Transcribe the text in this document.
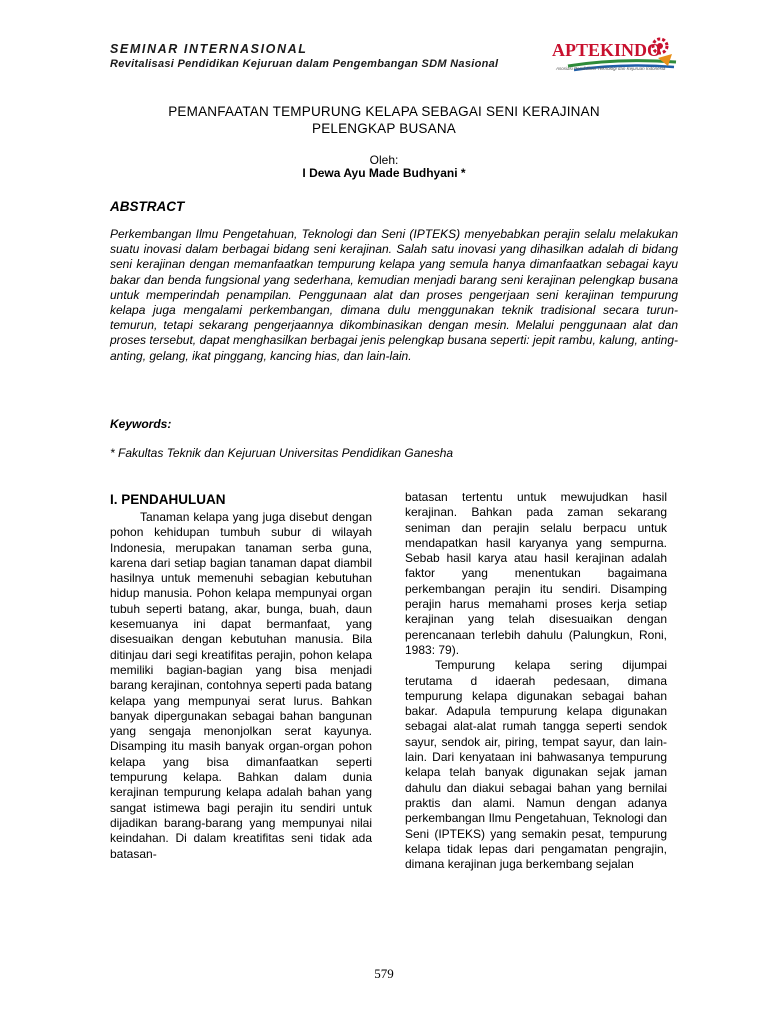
SEMINAR INTERNASIONAL
Revitalisasi Pendidikan Kejuruan dalam Pengembangan SDM Nasional
APTEKINDO
Asosiasi Pendidikan Teknologi dan Kejuruan Indonesia
PEMANFAATAN TEMPURUNG KELAPA SEBAGAI SENI KERAJINAN
PELENGKAP BUSANA
Oleh:
I Dewa Ayu Made Budhyani *
ABSTRACT
Perkembangan Ilmu Pengetahuan, Teknologi dan Seni (IPTEKS) menyebabkan perajin selalu melakukan suatu inovasi dalam berbagai bidang seni kerajinan. Salah satu inovasi yang dihasilkan adalah di bidang seni kerajinan dengan memanfaatkan tempurung kelapa yang semula hanya dimanfaatkan sebagai kayu bakar dan benda fungsional yang sederhana, kemudian menjadi barang seni kerajinan pelengkap busana untuk memperindah penampilan. Penggunaan alat dan proses pengerjaan seni kerajinan tempurung kelapa juga mengalami perkembangan, dimana dulu menggunakan teknik tradisional secara turun-temurun, tetapi sekarang pengerjaannya dikombinasikan dengan mesin. Melalui penggunaan alat dan proses tersebut, dapat menghasilkan berbagai jenis pelengkap busana seperti: jepit rambu, kalung, anting-anting, gelang, ikat pinggang, kancing hias, dan lain-lain.
Keywords:
* Fakultas Teknik dan Kejuruan Universitas Pendidikan Ganesha
I. PENDAHULUAN

Tanaman kelapa yang juga disebut dengan pohon kehidupan tumbuh subur di wilayah Indonesia, merupakan tanaman serba guna, karena dari setiap bagian tanaman dapat diambil hasilnya untuk memenuhi sebagian kebutuhan hidup manusia. Pohon kelapa mempunyai organ tubuh seperti batang, akar, bunga, buah, daun kesemuanya ini dapat bermanfaat, yang disesuaikan dengan kebutuhan manusia. Bila ditinjau dari segi kreatifitas perajin, pohon kelapa memiliki bagian-bagian yang bisa menjadi barang kerajinan, contohnya seperti pada batang kelapa yang mempunyai serat lurus. Bahkan banyak dipergunakan sebagai bahan bangunan yang sengaja menonjolkan serat kayunya. Disamping itu masih banyak organ-organ pohon kelapa yang bisa dimanfaatkan seperti tempurung kelapa. Bahkan dalam dunia kerajinan tempurung kelapa adalah bahan yang sangat istimewa bagi perajin itu sendiri untuk dijadikan barang-barang yang mempunyai nilai keindahan. Di dalam kreatifitas seni tidak ada batasan-

batasan tertentu untuk mewujudkan hasil kerajinan. Bahkan pada zaman sekarang seniman dan perajin selalu berpacu untuk mendapatkan hasil karyanya yang sempurna. Sebab hasil karya atau hasil kerajinan adalah faktor yang menentukan bagaimana perkembangan perajin itu sendiri. Disamping perajin harus memahami proses kerja setiap kerajinan yang telah disesuaikan dengan perencanaan terlebih dahulu (Palungkun, Roni, 1983: 79).

Tempurung kelapa sering dijumpai terutama d idaerah pedesaan, dimana tempurung kelapa digunakan sebagai bahan bakar. Adapula tempurung kelapa digunakan sebagai alat-alat rumah tangga seperti sendok sayur, sendok air, piring, tempat sayur, dan lain-lain. Dari kenyataan ini bahwasanya tempurung kelapa telah banyak digunakan sejak jaman dahulu dan diakui sebagai bahan yang bernilai praktis dan alami. Namun dengan adanya perkembangan Ilmu Pengetahuan, Teknologi dan Seni (IPTEKS) yang semakin pesat, tempurung kelapa tidak lepas dari pengamatan pengrajin, dimana kerajinan juga berkembang sejalan

579
